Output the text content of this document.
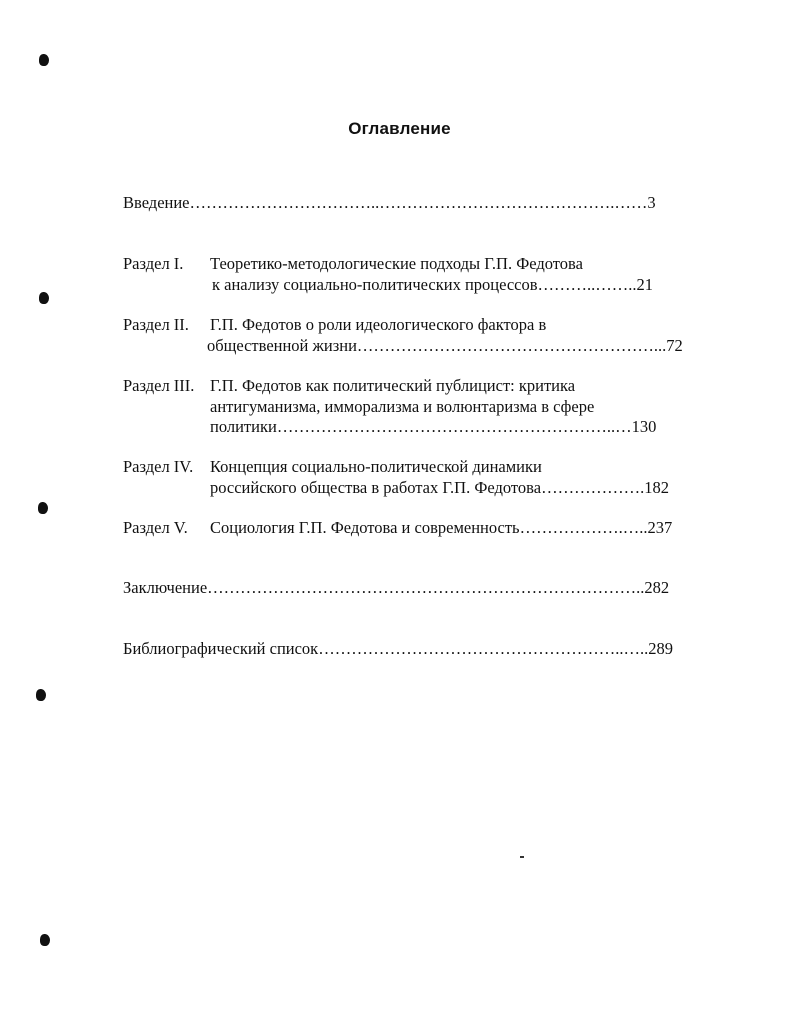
Оглавление

Введение……………………………..…………………………………….……3

Раздел I. Теоретико-методологические подходы Г.П. Федотова

к анализу социально-политических процессов………..……..21

Раздел II. Г.П. Федотов о роли идеологического фактора в

общественной жизни………………………………………………...72

Раздел III. Г.П. Федотов как политический публицист: критика

антигуманизма, имморализма и волюнтаризма в сфере

политики……………………………………………………..…130

Раздел IV. Концепция социально-политической динамики

российского общества в работах Г.П. Федотова……………….182

Раздел V. Социология Г.П. Федотова и современность……………….…..237

Заключение……………………………………………………………………..282

Библиографический список………………………………………………..…..289
